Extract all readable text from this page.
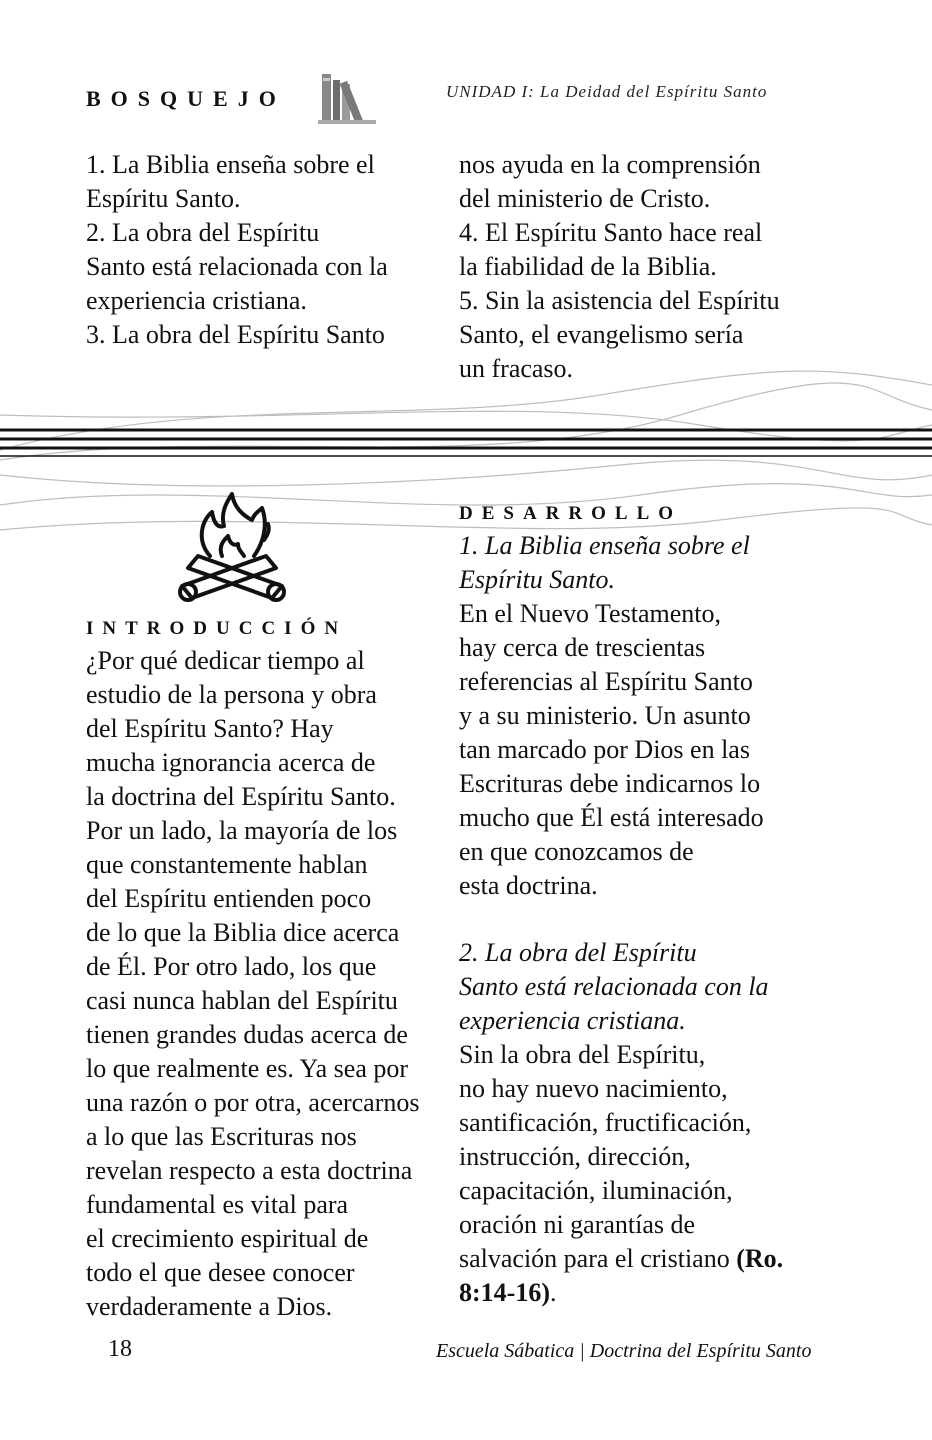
BOSQUEJO	UNIDAD I: La Deidad del Espíritu Santo

1. La Biblia enseña sobre el
Espíritu Santo.
2. La obra del Espíritu
Santo está relacionada con la
experiencia cristiana.
3. La obra del Espíritu Santo

nos ayuda en la comprensión
del ministerio de Cristo.
4. El Espíritu Santo hace real
la fiabilidad de la Biblia.
5. Sin la asistencia del Espíritu
Santo, el evangelismo sería
un fracaso.

INTRODUCCIÓN

¿Por qué dedicar tiempo al
estudio de la persona y obra
del Espíritu Santo? Hay
mucha ignorancia acerca de
la doctrina del Espíritu Santo.
Por un lado, la mayoría de los
que constantemente hablan
del Espíritu entienden poco
de lo que la Biblia dice acerca
de Él. Por otro lado, los que
casi nunca hablan del Espíritu
tienen grandes dudas acerca de
lo que realmente es. Ya sea por
una razón o por otra, acercarnos
a lo que las Escrituras nos
revelan respecto a esta doctrina
fundamental es vital para
el crecimiento espiritual de
todo el que desee conocer
verdaderamente a Dios.

DESARROLLO

1. La Biblia enseña sobre el
Espíritu Santo.

En el Nuevo Testamento,
hay cerca de trescientas
referencias al Espíritu Santo
y a su ministerio. Un asunto
tan marcado por Dios en las
Escrituras debe indicarnos lo
mucho que Él está interesado
en que conozcamos de
esta doctrina.

2. La obra del Espíritu
Santo está relacionada con la
experiencia cristiana.

Sin la obra del Espíritu,
no hay nuevo nacimiento,
santificación, fructificación,
instrucción, dirección,
capacitación, iluminación,
oración ni garantías de
salvación para el cristiano (Ro.
8:14-16).

18	Escuela Sábatica | Doctrina del Espíritu Santo
